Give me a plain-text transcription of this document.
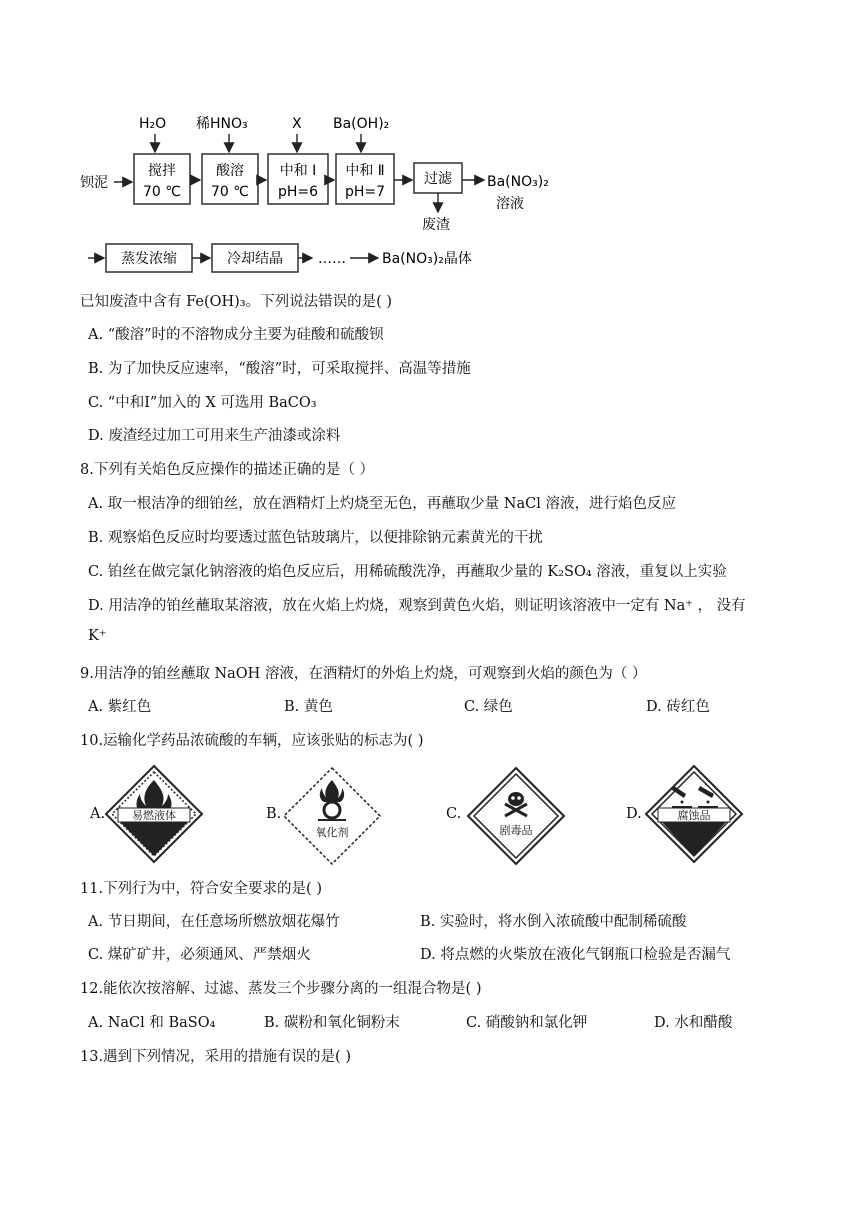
H₂O 稀HNO₃	X Ba(OH)₂
钡泥
搅拌
70 ℃
酸溶
70 ℃
中和 Ⅰ
pH=6
中和 Ⅱ
pH=7
过滤	Ba(NO₃)₂
溶液
废渣
蒸发浓缩	冷却结晶	……	Ba(NO₃)₂晶体
已知废渣中含有 Fe(OH)₃。下列说法错误的是( )
A. “酸溶”时的不溶物成分主要为硅酸和硫酸钡
B. 为了加快反应速率，“酸溶”时，可采取搅拌、高温等措施
C. “中和Ⅰ”加入的 X 可选用 BaCO₃
D. 废渣经过加工可用来生产油漆或涂料
8.下列有关焰色反应操作的描述正确的是（ ）
A. 取一根洁净的细铂丝，放在酒精灯上灼烧至无色，再蘸取少量 NaCl 溶液，进行焰色反应
B. 观察焰色反应时均要透过蓝色钴玻璃片，以便排除钠元素黄光的干扰
C. 铂丝在做完氯化钠溶液的焰色反应后，用稀硫酸洗净，再蘸取少量的 K₂SO₄ 溶液，重复以上实验
D. 用洁净的铂丝蘸取某溶液，放在火焰上灼烧，观察到黄色火焰，则证明该溶液中一定有 Na⁺ ， 没有
K⁺
9.用洁净的铂丝蘸取 NaOH 溶液，在酒精灯的外焰上灼烧，可观察到火焰的颜色为（ ）
A. 紫红色	B. 黄色	C. 绿色	D. 砖红色
10.运输化学药品浓硫酸的车辆，应该张贴的标志为( )
A. 易燃液体	B.
氧化剂
C.
剧毒品
D.	腐蚀品
11.下列行为中，符合安全要求的是( )
A. 节日期间，在任意场所燃放烟花爆竹	B. 实验时，将水倒入浓硫酸中配制稀硫酸
C. 煤矿矿井，必须通风、严禁烟火	D. 将点燃的火柴放在液化气钢瓶口检验是否漏气
12.能依次按溶解、过滤、蒸发三个步骤分离的一组混合物是( )
A. NaCl 和 BaSO₄	B. 碳粉和氧化铜粉末	C. 硝酸钠和氯化钾	D. 水和醋酸
13.遇到下列情况，采用的措施有误的是( )
